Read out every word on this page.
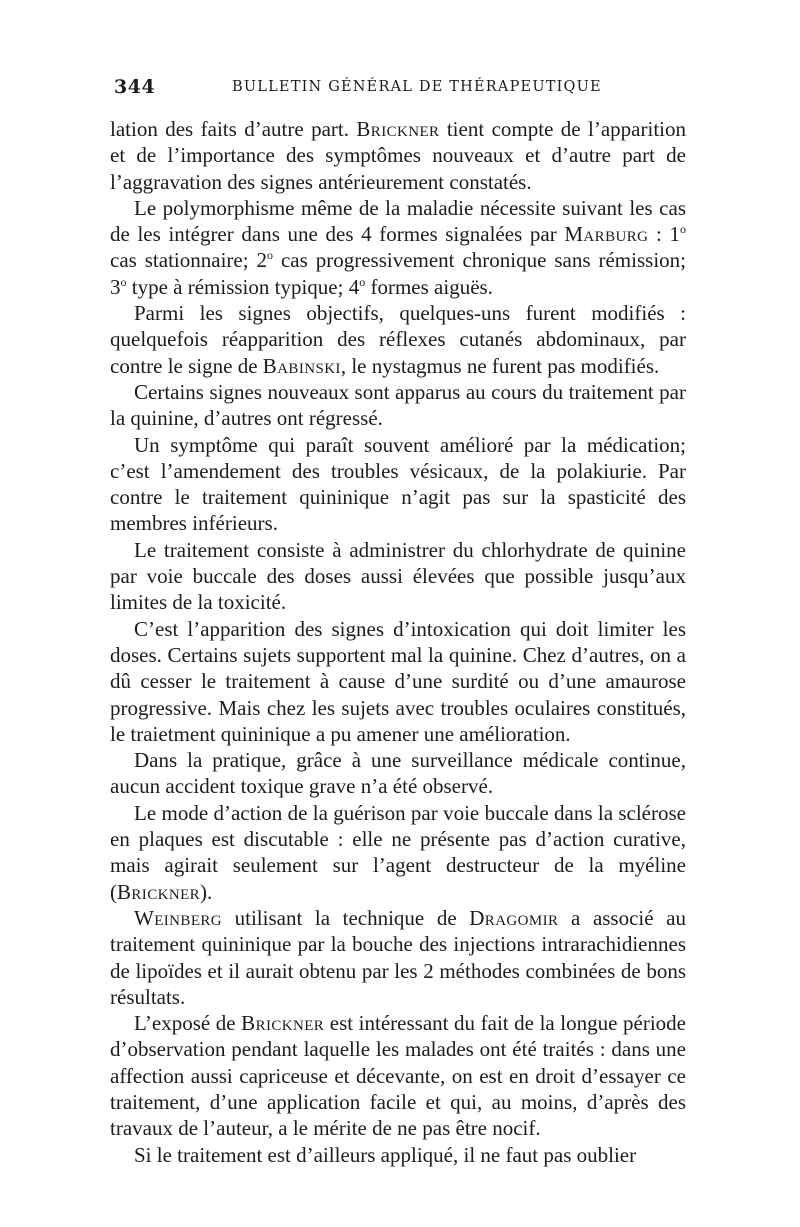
344	BULLETIN GÉNÉRAL DE THÉRAPEUTIQUE

lation des faits d’autre part. Brickner tient compte de l’apparition et de l’importance des symptômes nouveaux et d’autre part de l’aggravation des signes antérieurement constatés.

Le polymorphisme même de la maladie nécessite suivant les cas de les intégrer dans une des 4 formes signalées par Marburg : 1$^o$ cas stationnaire; 2$^o$ cas progressivement chronique sans rémission; 3$^o$ type à rémission typique; 4$^o$ formes aiguës.

Parmi les signes objectifs, quelques-uns furent modifiés : quelquefois réapparition des réflexes cutanés abdominaux, par contre le signe de Babinski, le nystagmus ne furent pas modifiés.

Certains signes nouveaux sont apparus au cours du traitement par la quinine, d’autres ont régressé.

Un symptôme qui paraît souvent amélioré par la médication; c’est l’amendement des troubles vésicaux, de la polakiurie. Par contre le traitement quininique n’agit pas sur la spasticité des membres inférieurs.

Le traitement consiste à administrer du chlorhydrate de quinine par voie buccale des doses aussi élevées que possible jusqu’aux limites de la toxicité.

C’est l’apparition des signes d’intoxication qui doit limiter les doses. Certains sujets supportent mal la quinine. Chez d’autres, on a dû cesser le traitement à cause d’une surdité ou d’une amaurose progressive. Mais chez les sujets avec troubles oculaires constitués, le traietment quininique a pu amener une amélioration.

Dans la pratique, grâce à une surveillance médicale continue, aucun accident toxique grave n’a été observé.

Le mode d’action de la guérison par voie buccale dans la sclérose en plaques est discutable : elle ne présente pas d’action curative, mais agirait seulement sur l’agent destructeur de la myéline (Brickner).

Weinberg utilisant la technique de Dragomir a associé au traitement quininique par la bouche des injections intrarachidiennes de lipoïdes et il aurait obtenu par les 2 méthodes combinées de bons résultats.

L’exposé de Brickner est intéressant du fait de la longue période d’observation pendant laquelle les malades ont été traités : dans une affection aussi capriceuse et décevante, on est en droit d’essayer ce traitement, d’une application facile et qui, au moins, d’après des travaux de l’auteur, a le mérite de ne pas être nocif.

Si le traitement est d’ailleurs appliqué, il ne faut pas oublier
